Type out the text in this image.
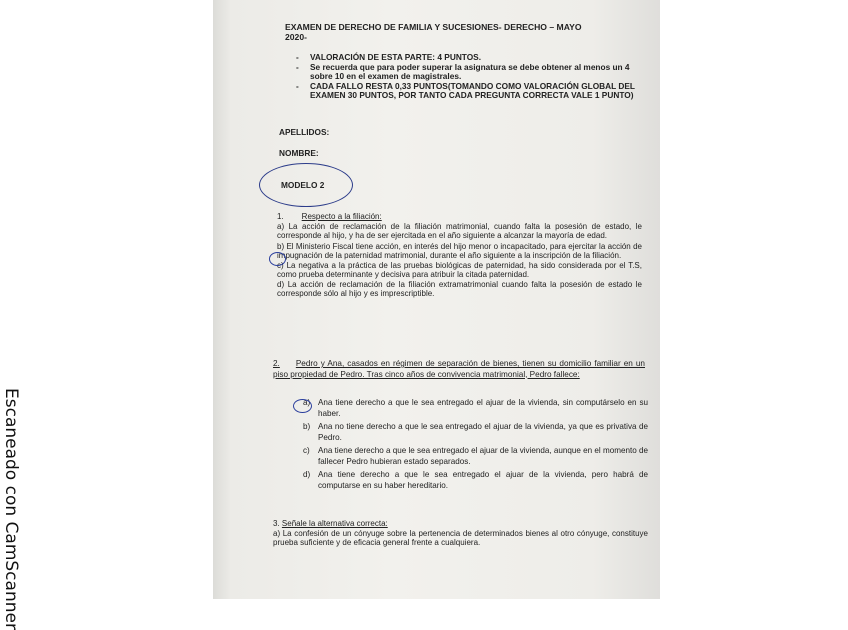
Escaneado con CamScanner
EXAMEN DE DERECHO DE FAMILIA Y SUCESIONES- DERECHO – MAYO
2020-
- VALORACIÓN DE ESTA PARTE: 4 PUNTOS.
- Se recuerda que para poder superar la asignatura se debe obtener al menos un 4 sobre 10 en el examen de magistrales.
- CADA FALLO RESTA 0,33 PUNTOS(TOMANDO COMO VALORACIÓN GLOBAL DEL EXAMEN 30 PUNTOS, POR TANTO CADA PREGUNTA CORRECTA VALE 1 PUNTO)
APELLIDOS:
NOMBRE:
MODELO 2
1. Respecto a la filiación:
a) La acción de reclamación de la filiación matrimonial, cuando falta la posesión de estado, le corresponde al hijo, y ha de ser ejercitada en el año siguiente a alcanzar la mayoría de edad.
b) El Ministerio Fiscal tiene acción, en interés del hijo menor o incapacitado, para ejercitar la acción de impugnación de la paternidad matrimonial, durante el año siguiente a la inscripción de la filiación.
c) La negativa a la práctica de las pruebas biológicas de paternidad, ha sido considerada por el T.S, como prueba determinante y decisiva para atribuir la citada paternidad.
d) La acción de reclamación de la filiación extramatrimonial cuando falta la posesión de estado le corresponde sólo al hijo y es imprescriptible.
2. Pedro y Ana, casados en régimen de separación de bienes, tienen su domicilio familiar en un piso propiedad de Pedro. Tras cinco años de convivencia matrimonial, Pedro fallece:
a) Ana tiene derecho a que le sea entregado el ajuar de la vivienda, sin computárselo en su haber.
b) Ana no tiene derecho a que le sea entregado el ajuar de la vivienda, ya que es privativa de Pedro.
c) Ana tiene derecho a que le sea entregado el ajuar de la vivienda, aunque en el momento de fallecer Pedro hubieran estado separados.
d) Ana tiene derecho a que le sea entregado el ajuar de la vivienda, pero habrá de computarse en su haber hereditario.
3. Señale la alternativa correcta:
a) La confesión de un cónyuge sobre la pertenencia de determinados bienes al otro cónyuge, constituye prueba suficiente y de eficacia general frente a cualquiera.
